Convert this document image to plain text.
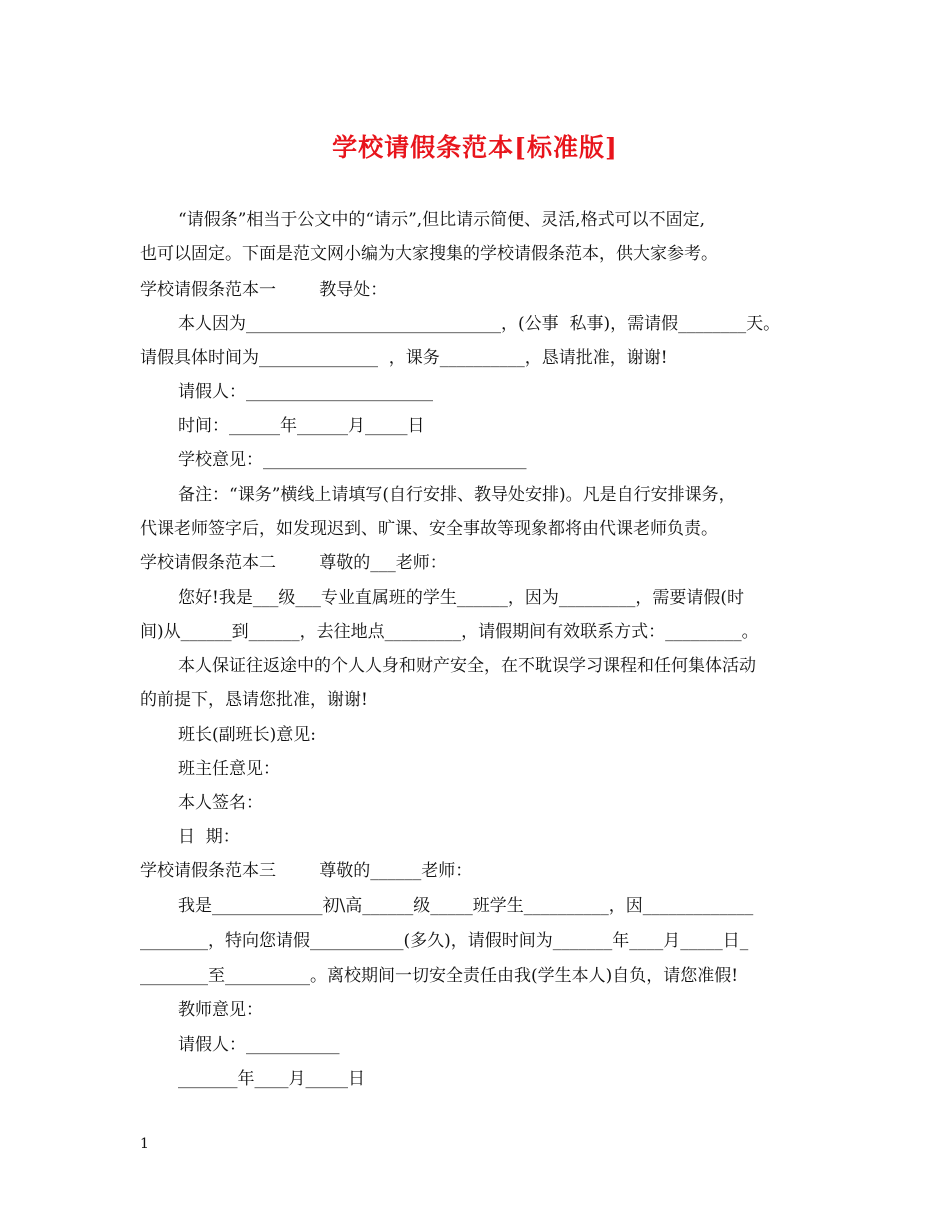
学校请假条范本[标准版]
“请假条”相当于公文中的“请示”,但比请示简便、灵活,格式可以不固定,
也可以固定。下面是范文网小编为大家搜集的学校请假条范本，供大家参考。
学校请假条范本一        教导处：
本人因为______________________________，(公事  私事)，需请假________天。
请假具体时间为______________  ，课务__________，恳请批准，谢谢!
请假人：______________________
时间：______年______月_____日
学校意见：_______________________________
备注：“课务”横线上请填写(自行安排、教导处安排)。凡是自行安排课务，
代课老师签字后，如发现迟到、旷课、安全事故等现象都将由代课老师负责。
学校请假条范本二        尊敬的___老师：
您好!我是___级___专业直属班的学生______，因为_________，需要请假(时
间)从______到______，去往地点_________，请假期间有效联系方式：_________。
本人保证往返途中的个人人身和财产安全，在不耽误学习课程和任何集体活动
的前提下，恳请您批准，谢谢!
班长(副班长)意见:
班主任意见：
本人签名：
日  期：
学校请假条范本三        尊敬的______老师：
我是_____________初\高______级_____班学生__________，因_____________
________，特向您请假___________(多久)，请假时间为_______年____月_____日_
________至__________。离校期间一切安全责任由我(学生本人)自负，请您准假!
教师意见：
请假人：___________
_______年____月_____日
1
